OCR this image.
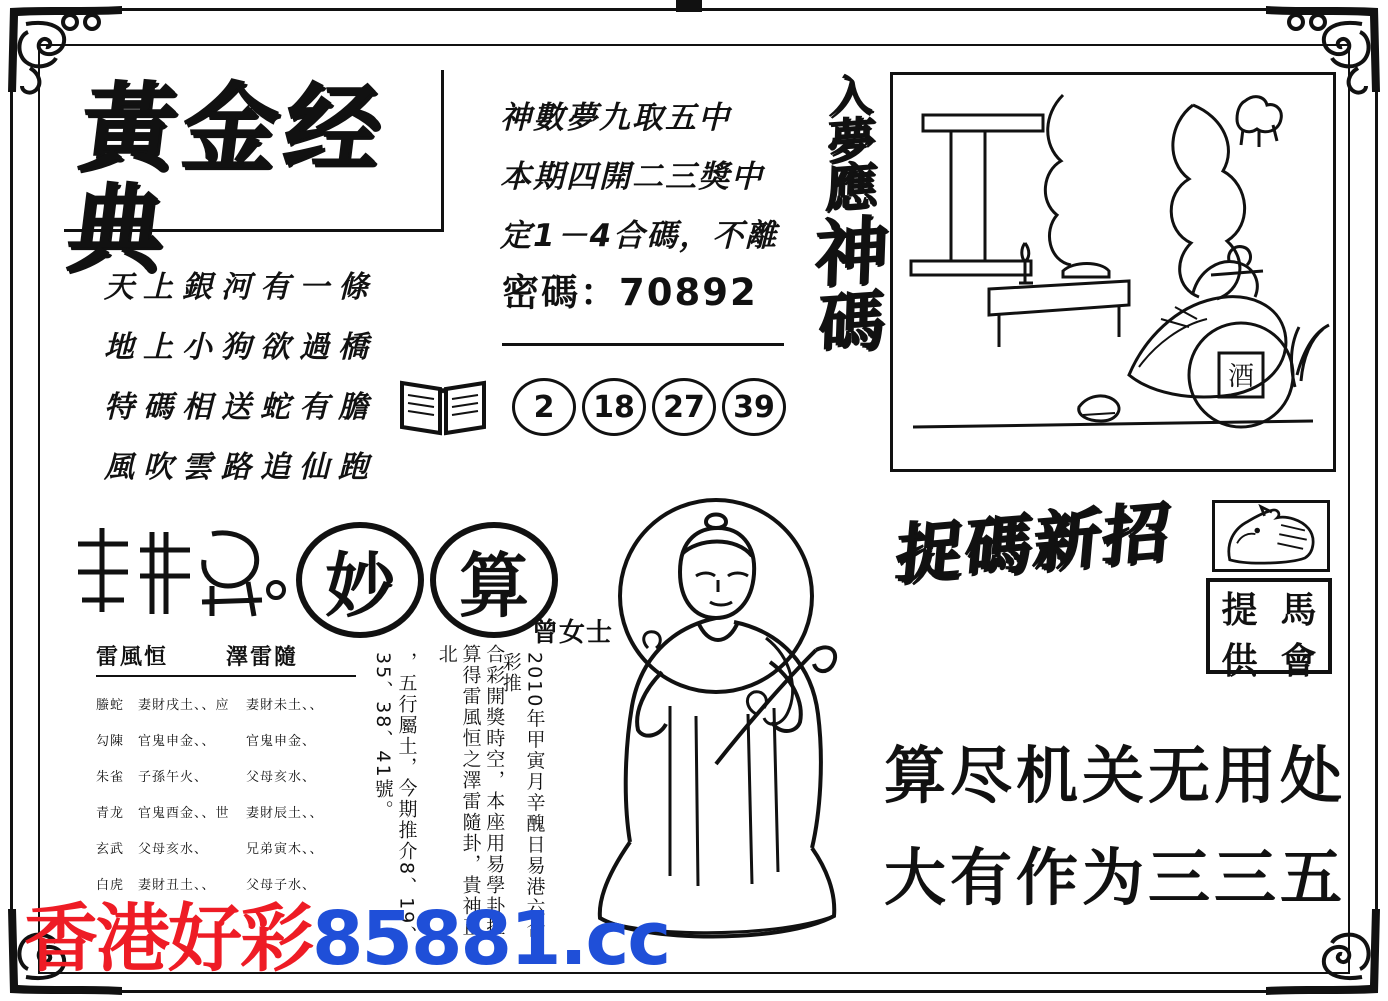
黃金经典
天上銀河有一條
地上小狗欲過橋
特碼相送蛇有膽
風吹雲路追仙跑
神數夢九取五中
本期四開二三獎中
定1－4合碼，不離
密碼：70892
2	18 27 39
入
夢
應
神
碼
酒
捉碼新招
提 馬
供 會
算尽机关无用处
大有作为三三五
妙 算
曾女士
雷風恒	澤雷隨
螣蛇	妻財戌土、、应	妻財未土、、
勾陳	官鬼申金、、	官鬼申金、
朱雀	子孫午火、	父母亥水、
青龙	官鬼酉金、、世	妻財辰土、、
玄武	父母亥水、	兄弟寅木、、
白虎	妻財丑土、、	父母子水、	2010年甲寅月辛醜日易港六合彩推
合彩開獎時空，本座用易學卦推算得雷風恒之澤雷隨卦，貴神正北
，五行屬土，今期推介8、19、35、38、41號。
香港好彩85881.cc
